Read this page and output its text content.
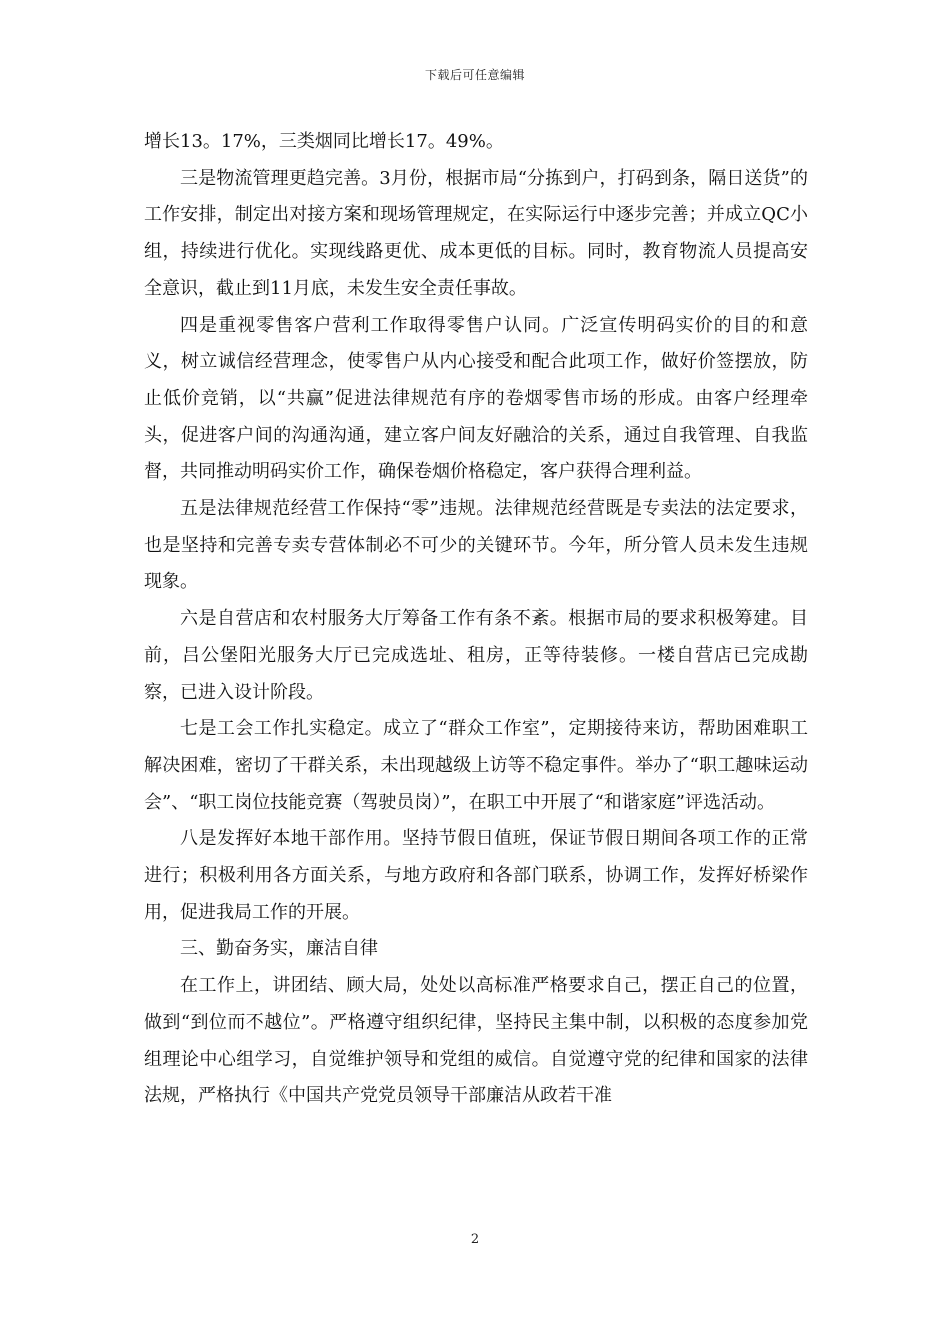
下载后可任意编辑

增长13。17%，三类烟同比增长17。49%。

三是物流管理更趋完善。3月份，根据市局“分拣到户，打码到条，隔日送货”的工作安排，制定出对接方案和现场管理规定，在实际运行中逐步完善；并成立QC小组，持续进行优化。实现线路更优、成本更低的目标。同时，教育物流人员提高安全意识，截止到11月底，未发生安全责任事故。

四是重视零售客户营利工作取得零售户认同。广泛宣传明码实价的目的和意义，树立诚信经营理念，使零售户从内心接受和配合此项工作，做好价签摆放，防止低价竞销，以“共赢”促进法律规范有序的卷烟零售市场的形成。由客户经理牵头，促进客户间的沟通沟通，建立客户间友好融洽的关系，通过自我管理、自我监督，共同推动明码实价工作，确保卷烟价格稳定，客户获得合理利益。

五是法律规范经营工作保持“零”违规。法律规范经营既是专卖法的法定要求，也是坚持和完善专卖专营体制必不可少的关键环节。今年，所分管人员未发生违规现象。

六是自营店和农村服务大厅筹备工作有条不紊。根据市局的要求积极筹建。目前，吕公堡阳光服务大厅已完成选址、租房，正等待装修。一楼自营店已完成勘察，已进入设计阶段。

七是工会工作扎实稳定。成立了“群众工作室”，定期接待来访，帮助困难职工解决困难，密切了干群关系，未出现越级上访等不稳定事件。举办了“职工趣味运动会”、“职工岗位技能竞赛（驾驶员岗）”，在职工中开展了“和谐家庭”评选活动。

八是发挥好本地干部作用。坚持节假日值班，保证节假日期间各项工作的正常进行；积极利用各方面关系，与地方政府和各部门联系，协调工作，发挥好桥梁作用，促进我局工作的开展。

三、勤奋务实，廉洁自律

在工作上，讲团结、顾大局，处处以高标准严格要求自己，摆正自己的位置，做到“到位而不越位”。严格遵守组织纪律，坚持民主集中制，以积极的态度参加党组理论中心组学习，自觉维护领导和党组的威信。自觉遵守党的纪律和国家的法律法规，严格执行《中国共产党党员领导干部廉洁从政若干准

2
